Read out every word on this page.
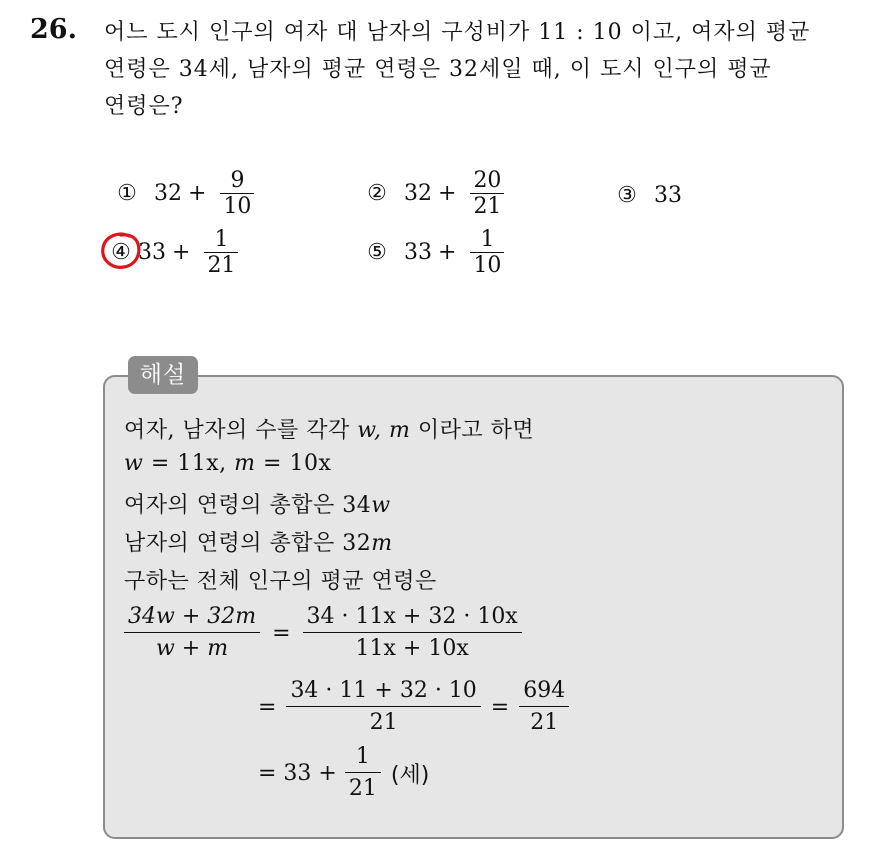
26. 어느 도시 인구의 여자 대 남자의 구성비가 11 : 10 이고, 여자의 평균

연령은 34세, 남자의 평균 연령은 32세일 때, 이 도시 인구의 평균

연령은?

① $32 + \frac{9}{10}$	② $32 + \frac{20}{21}$	③ 33
④ $33 + \frac{1}{21}$	⑤ $33 + \frac{1}{10}$
해설
여자, 남자의 수를 각각 w, m 이라고 하면
w = 11x, m = 10x
여자의 연령의 총합은 34w
남자의 연령의 총합은 32m
구하는 전체 인구의 평균 연령은
34w + 32m
w + m
=
34 · 11x + 32 · 10x
11x + 10x
=
34 · 11 + 32 · 10
21
=
694
21
= 33 +
1
21
(세)
